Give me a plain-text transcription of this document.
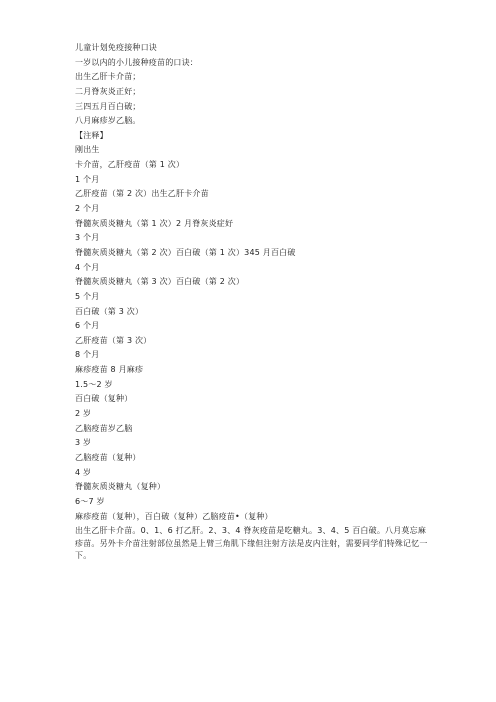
儿童计划免疫接种口诀
一岁以内的小儿接种疫苗的口诀：
出生乙肝卡介苗；
二月脊灰炎正好；
三四五月百白破；
八月麻疹岁乙脑。
【注释】
刚出生
卡介苗，乙肝疫苗（第 1 次）
1 个月
乙肝疫苗（第 2 次）出生乙肝卡介苗
2 个月
脊髓灰质炎糖丸（第 1 次）2 月脊灰炎症好
3 个月
脊髓灰质炎糖丸（第 2 次）百白破（第 1 次）345 月百白破
4 个月
脊髓灰质炎糖丸（第 3 次）百白破（第 2 次）
5 个月
百白破（第 3 次）
6 个月
乙肝疫苗（第 3 次）
8 个月
麻疹疫苗 8 月麻疹
1.5～2 岁
百白破（复种）
2 岁
乙脑疫苗岁乙脑
3 岁
乙脑疫苗（复种）
4 岁
脊髓灰质炎糖丸（复种）
6～7 岁
麻疹疫苗（复种），百白破（复种）乙脑疫苗•（复种）
出生乙肝卡介苗。0、1、6 打乙肝。2、3、4 脊灰疫苗是吃糖丸。3、4、5 百白破。八月莫忘麻疹苗。另外卡介苗注射部位虽然是上臂三角肌下缘但注射方法是皮内注射，需要同学们特殊记忆一下。
